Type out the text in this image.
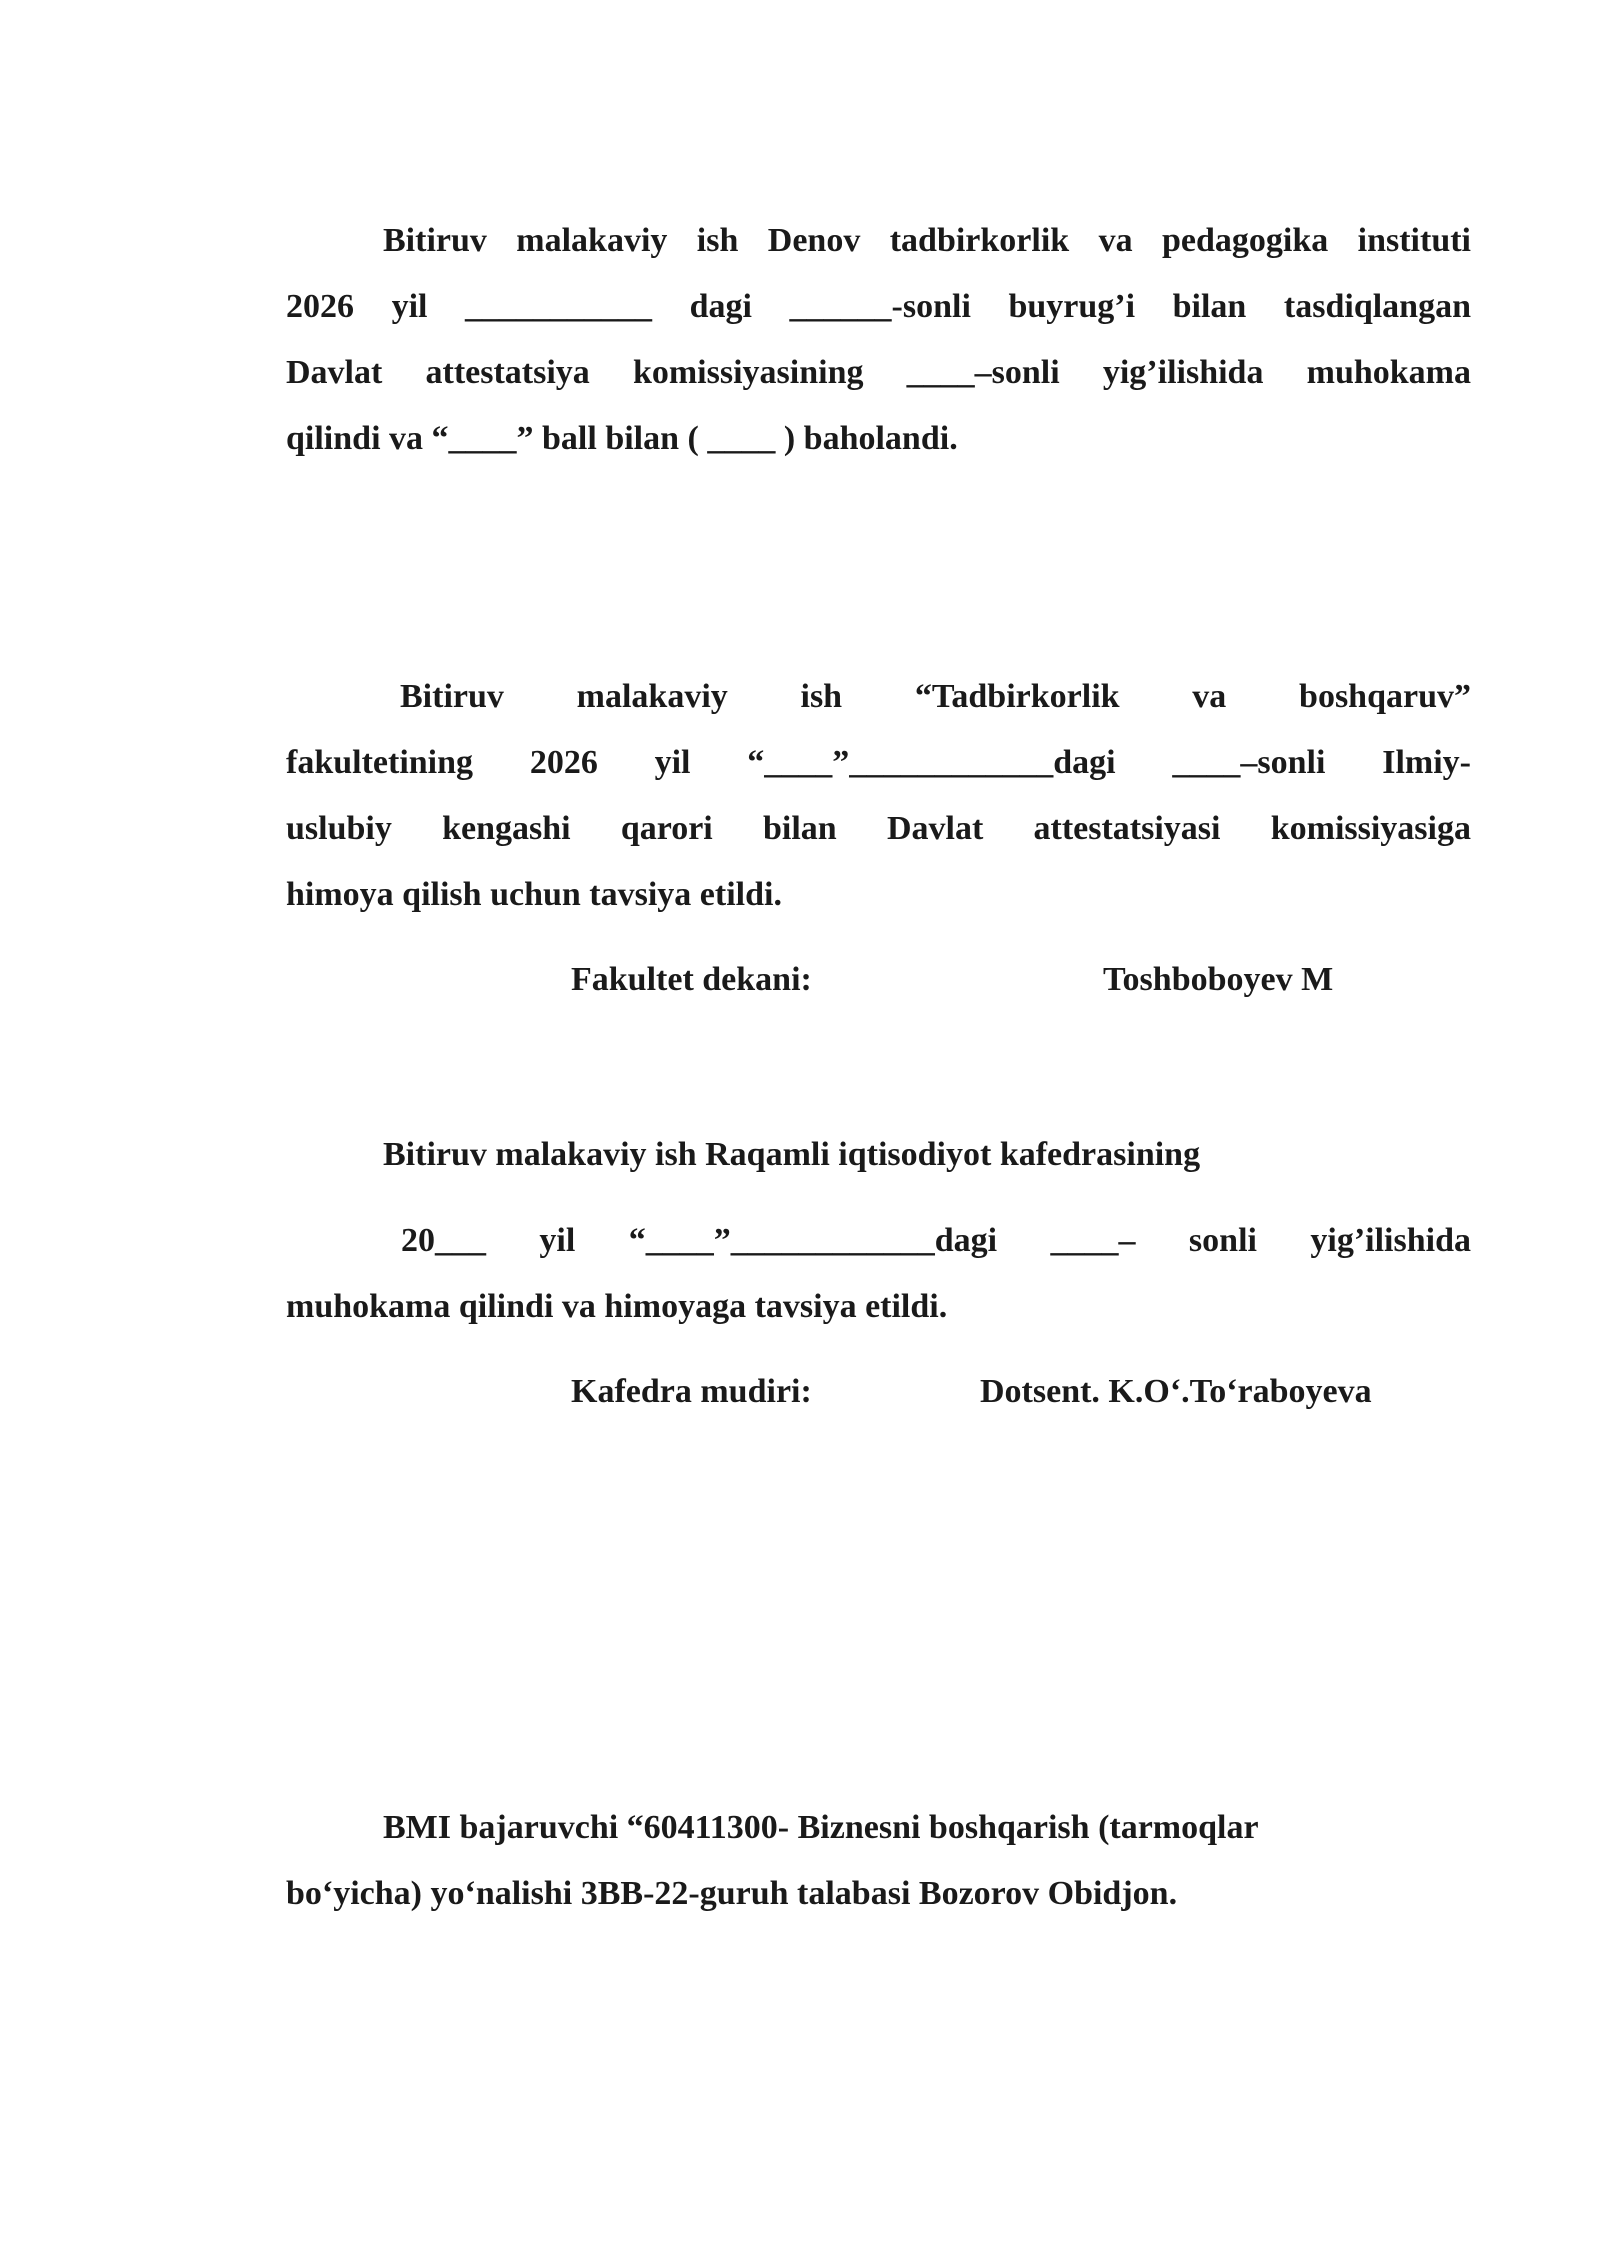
Bitiruv malakaviy ish Denov tadbirkorlik va pedagogika instituti
2026 yil ___________ dagi ______-sonli buyrug’i bilan tasdiqlangan
Davlat attestatsiya komissiyasining ____–sonli yig’ilishida muhokama
qilindi va “____” ball bilan ( ____ ) baholandi.
Bitiruv malakaviy ish “Tadbirkorlik va boshqaruv”
fakultetining 2026 yil “____”____________dagi ____–sonli Ilmiy-
uslubiy kengashi qarori bilan Davlat attestatsiyasi komissiyasiga
himoya qilish uchun tavsiya etildi.
Fakultet dekani:	Toshboboyev M
Bitiruv malakaviy ish Raqamli iqtisodiyot kafedrasining
20___ yil “____”____________dagi ____– sonli yig’ilishida
muhokama qilindi va himoyaga tavsiya etildi.
Kafedra mudiri:	Dotsent. K.O‘.To‘raboyeva
BMI bajaruvchi “60411300- Biznesni boshqarish (tarmoqlar
bo‘yicha) yo‘nalishi 3BB-22-guruh talabasi Bozorov Obidjon.
